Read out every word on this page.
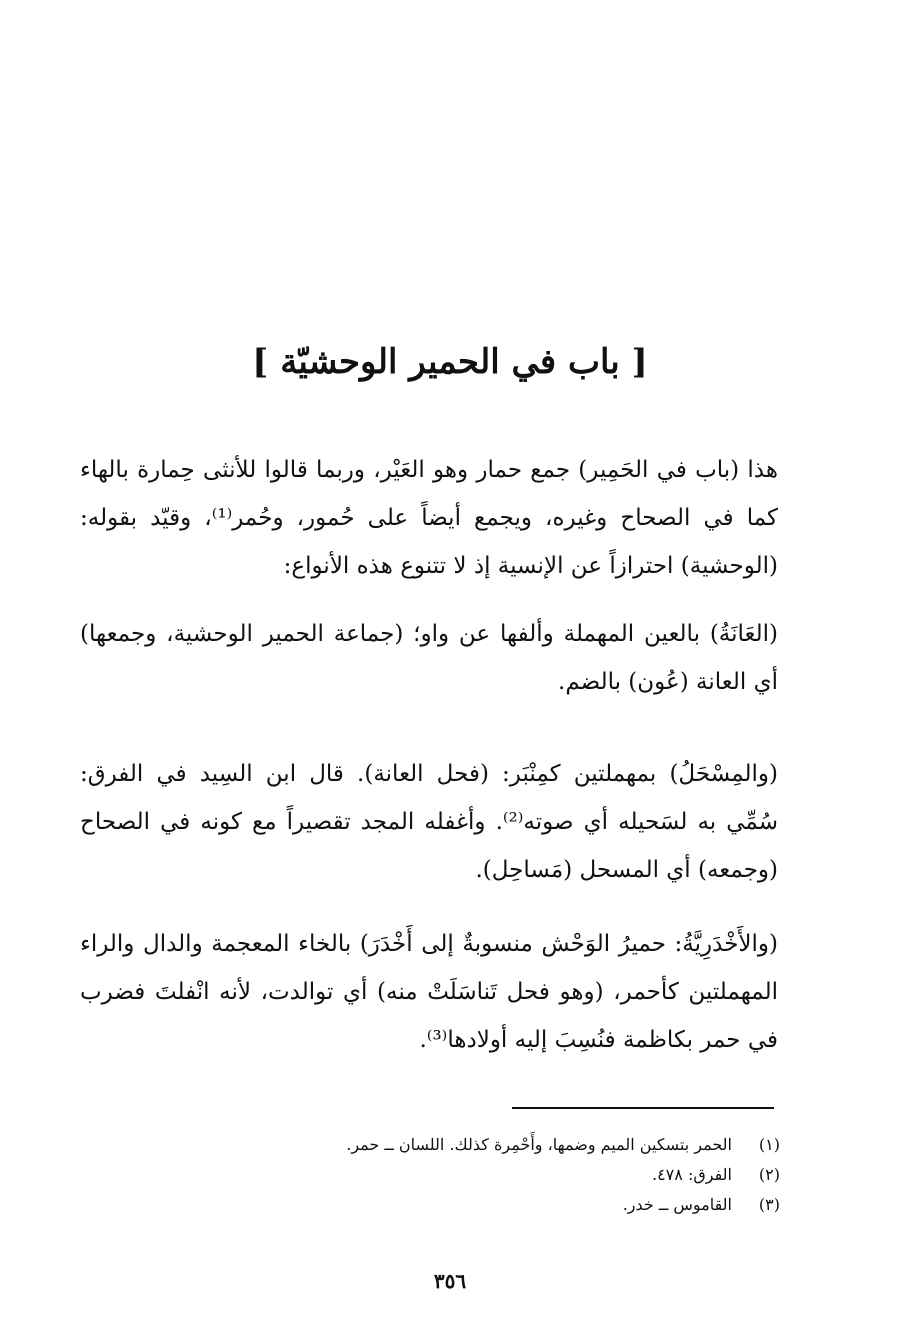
[ باب في الحمير الوحشيّة ]

هذا (باب في الحَمِير) جمع حمار وهو العَيْر، وربما قالوا للأنثى حِمارة بالهاء كما في الصحاح وغيره، ويجمع أيضاً على حُمور، وحُمر⁽¹⁾، وقيّد بقوله: (الوحشية) احترازاً عن الإنسية إذ لا تتنوع هذه الأنواع:

(العَانَةُ) بالعين المهملة وألفها عن واو؛ (جماعة الحمير الوحشية، وجمعها) أي العانة (عُون) بالضم.

(والمِسْحَلُ) بمهملتين كمِنْبَر: (فحل العانة). قال ابن السِيد في الفرق: سُمِّي به لسَحيله أي صوته⁽²⁾. وأغفله المجد تقصيراً مع كونه في الصحاح (وجمعه) أي المسحل (مَساحِل).

(والأَخْدَرِيَّةُ: حميرُ الوَحْش منسوبةٌ إلى أَخْدَرَ) بالخاء المعجمة والدال والراء المهملتين كأحمر، (وهو فحل تَناسَلَتْ منه) أي توالدت، لأنه انْفلتَ فضرب في حمر بكاظمة فنُسِبَ إليه أولادها⁽³⁾.

(١)
الحمر بتسكين الميم وضمها، وأَحْمِرة كذلك. اللسان ــ حمر.
(٢)
الفرق: ٤٧٨.
(٣)
القاموس ــ خدر.
٣٥٦
